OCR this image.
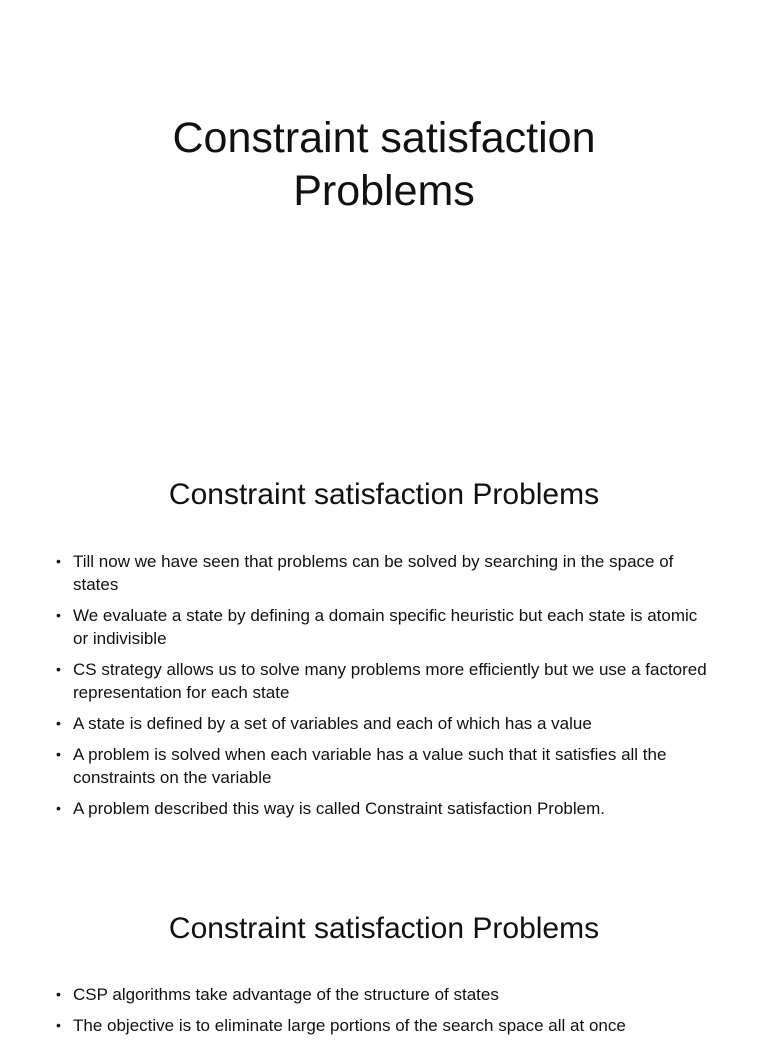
Constraint satisfaction
Problems
Constraint satisfaction Problems
• Till now we have seen that problems can be solved by searching in the space of states
• We evaluate a state by defining a domain specific heuristic but each state is atomic or indivisible
• CS strategy allows us to solve many problems more efficiently but we use a factored representation for each state
• A state is defined by a set of variables and each of which has a value
• A problem is solved when each variable has a value such that it satisfies all the constraints on the variable
• A problem described this way is called Constraint satisfaction Problem.
Constraint satisfaction Problems
• CSP algorithms take advantage of the structure of states
• The objective is to eliminate large portions of the search space all at once
